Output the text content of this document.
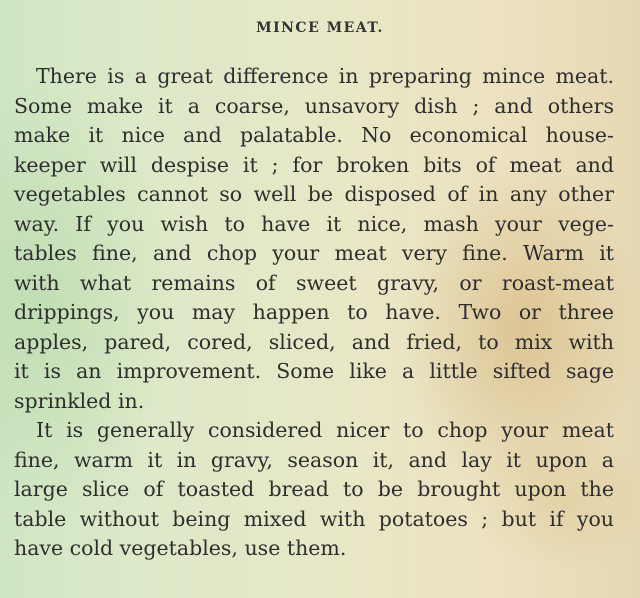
MINCE MEAT.
There is a great difference in preparing mince meat.
Some make it a coarse, unsavory dish ; and others
make it nice and palatable. No economical house-
keeper will despise it ; for broken bits of meat and
vegetables cannot so well be disposed of in any other
way. If you wish to have it nice, mash your vege-
tables fine, and chop your meat very fine. Warm it
with what remains of sweet gravy, or roast-meat
drippings, you may happen to have. Two or three
apples, pared, cored, sliced, and fried, to mix with
it is an improvement. Some like a little sifted sage
sprinkled in.
It is generally considered nicer to chop your meat
fine, warm it in gravy, season it, and lay it upon a
large slice of toasted bread to be brought upon the
table without being mixed with potatoes ; but if you
have cold vegetables, use them.
